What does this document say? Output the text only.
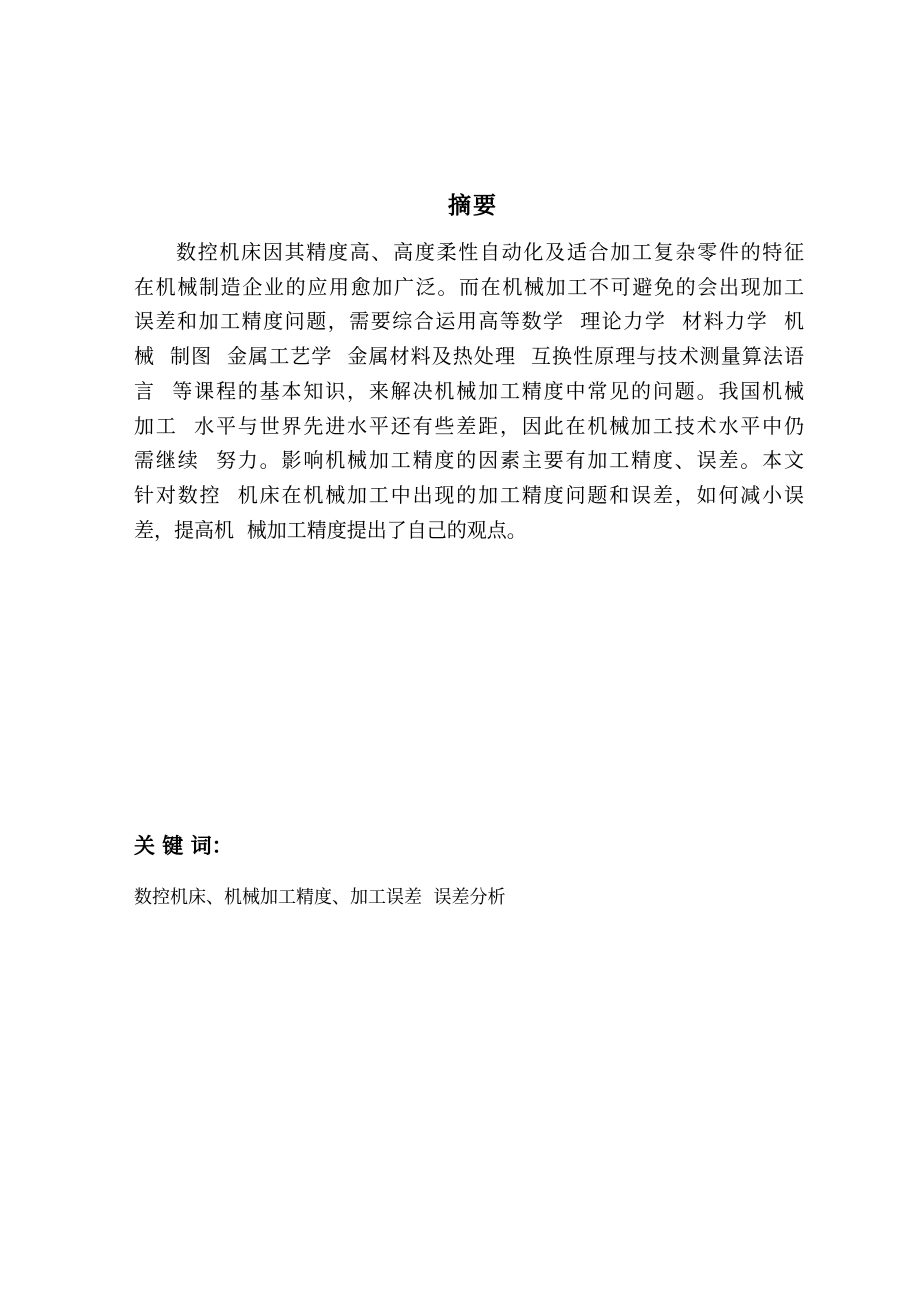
摘要
数控机床因其精度高、高度柔性自动化及适合加工复杂零件的特征
在机械制造企业的应用愈加广泛。而在机械加工不可避免的会出现加工
误差和加工精度问题，需要综合运用高等数学  理论力学  材料力学  机
械  制图  金属工艺学  金属材料及热处理  互换性原理与技术测量算法语
言  等课程的基本知识，来解决机械加工精度中常见的问题。我国机械
加工  水平与世界先进水平还有些差距，因此在机械加工技术水平中仍
需继续  努力。影响机械加工精度的因素主要有加工精度、误差。本文
针对数控  机床在机械加工中出现的加工精度问题和误差，如何减小误
差，提高机  械加工精度提出了自己的观点。
关 键 词：
数控机床、机械加工精度、加工误差  误差分析
